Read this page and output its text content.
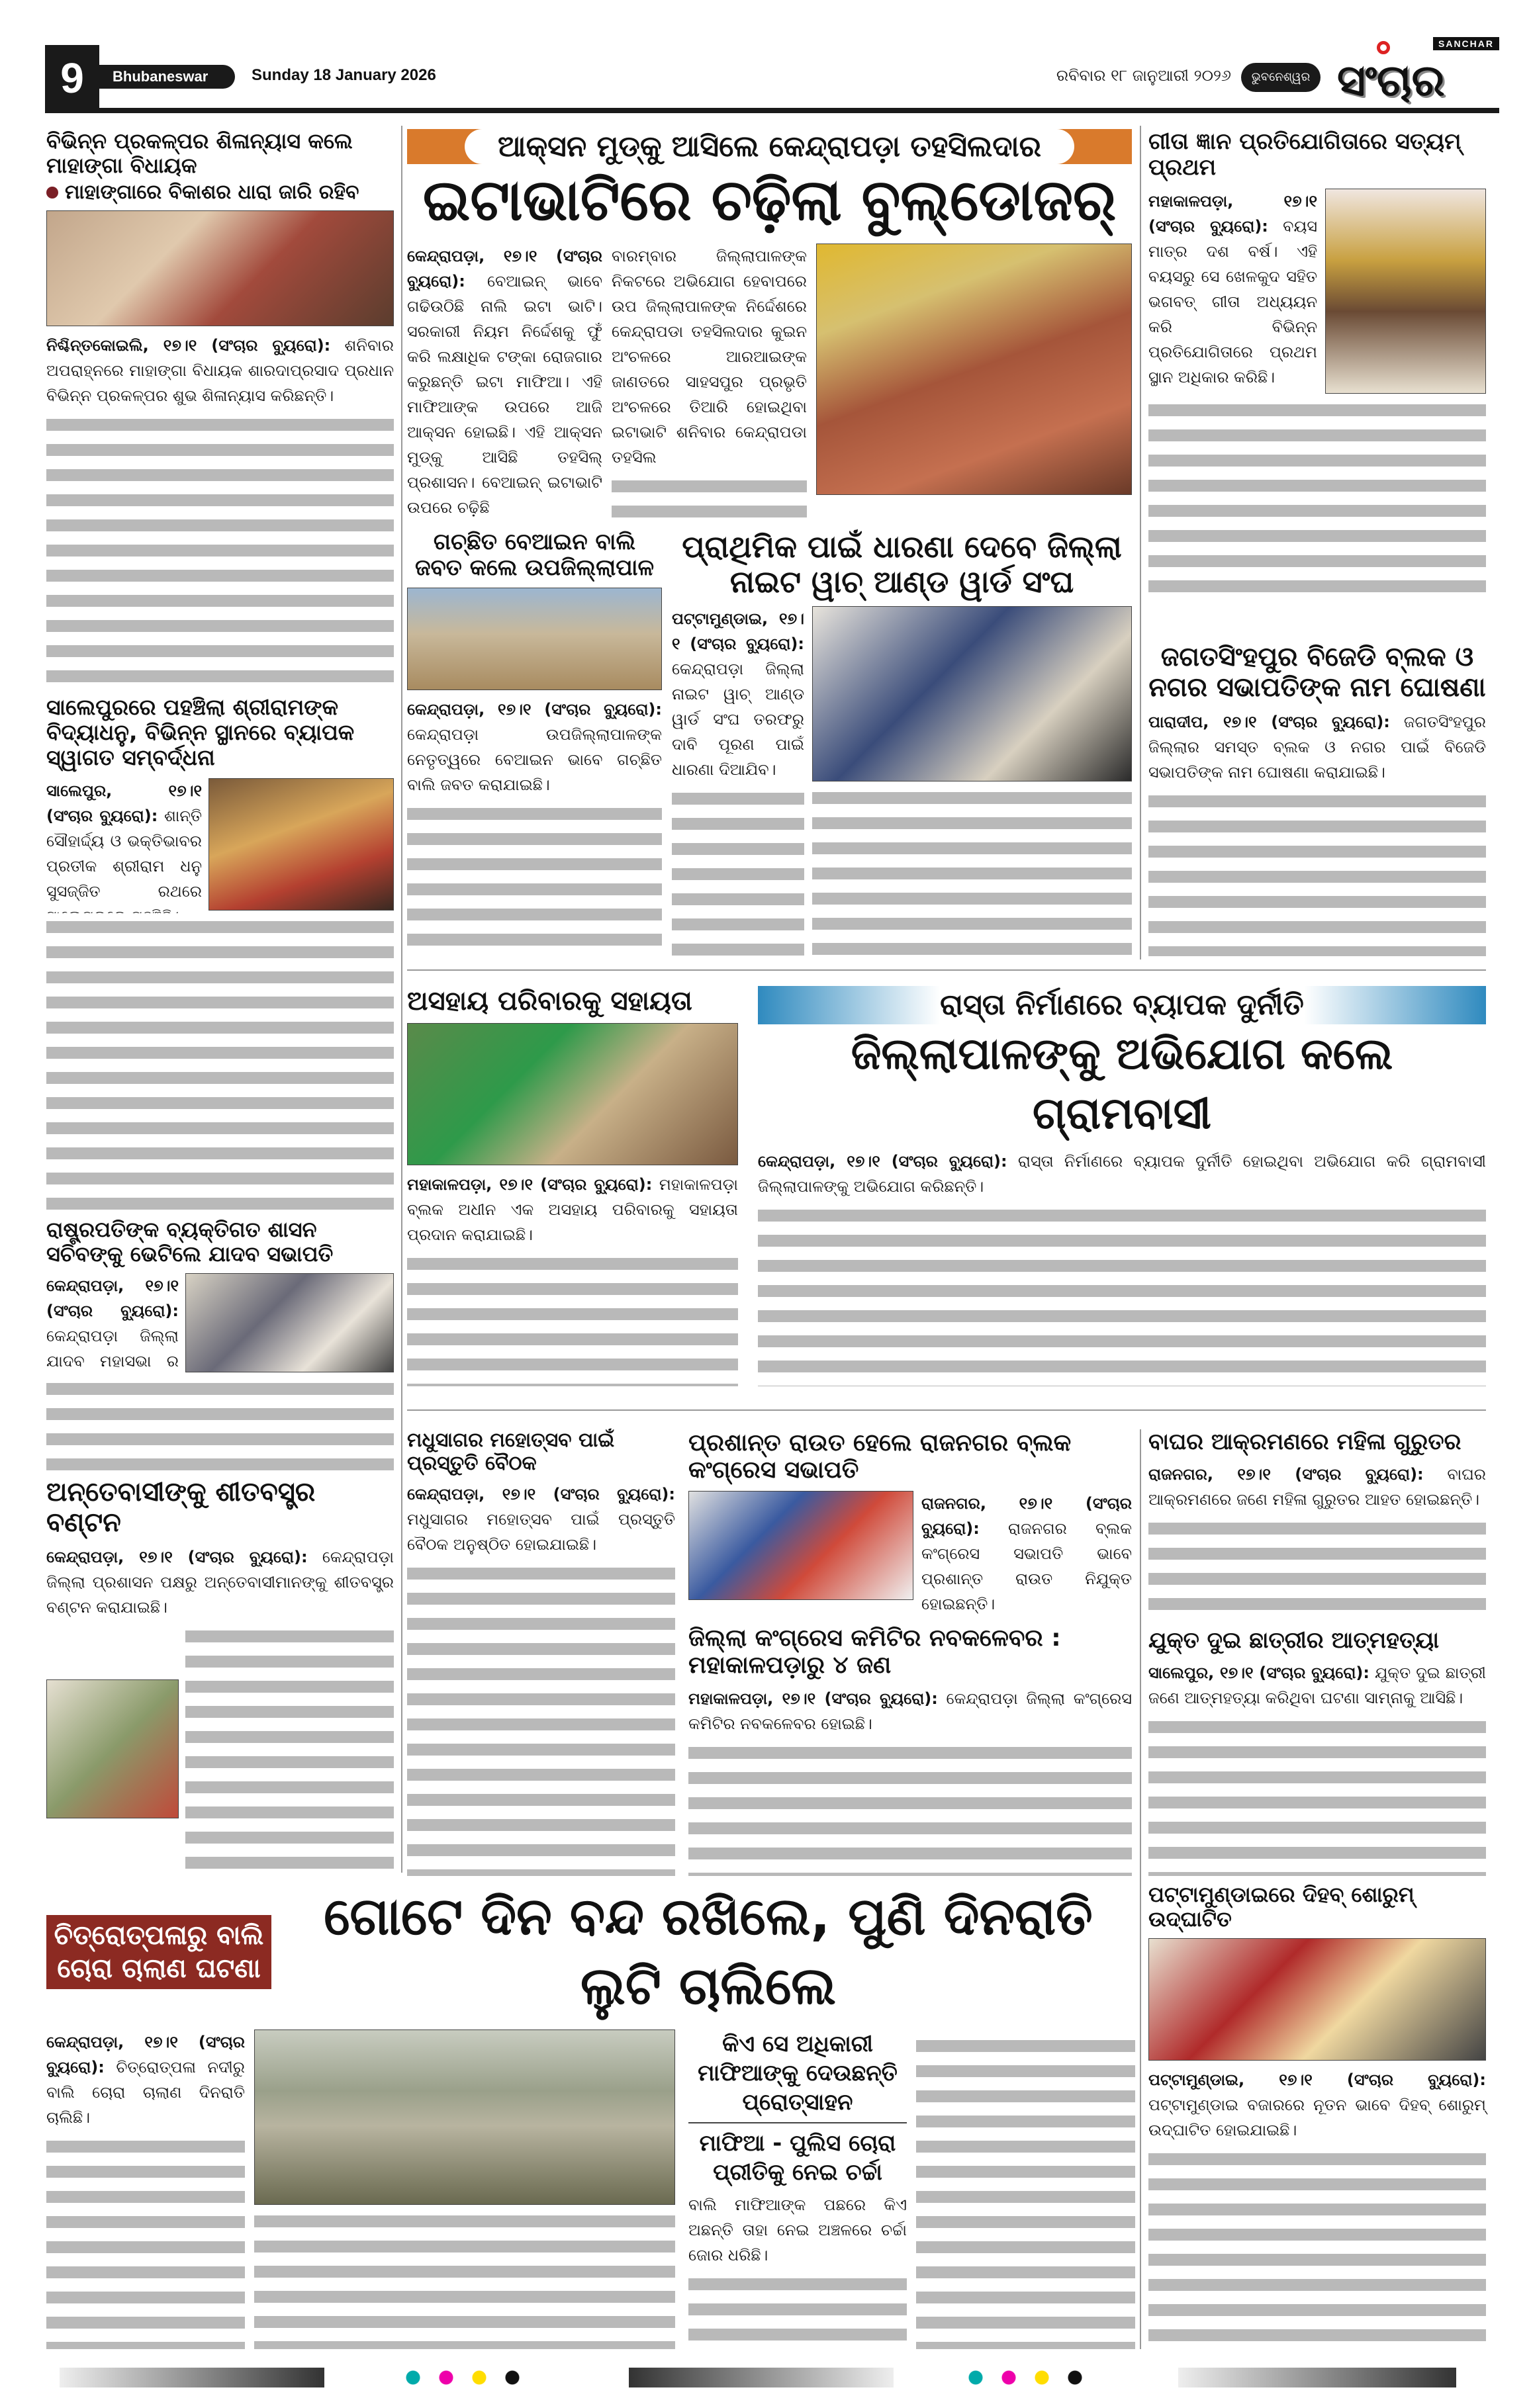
9	Bhubaneswar	Sunday 18 January 2026	ରବିବାର ୧୮ ଜାନୁଆରୀ ୨୦୨୬	ଭୁବନେଶ୍ୱର
SANCHAR
ସଂଚାର
ବିଭିନ୍ନ ପ୍ରକଳ୍ପର ଶିଳାନ୍ୟାସ କଲେ ମାହାଙ୍ଗା ବିଧାୟକ
ମାହାଙ୍ଗାରେ ବିକାଶର ଧାରା ଜାରି ରହିବ
ନିଶ୍ଚିନ୍ତକୋଇଲି, ୧୭।୧ (ସଂଚାର ବ୍ୟୁରୋ): ଶନିବାର ଅପରାହ୍ନରେ ମାହାଙ୍ଗା ବିଧାୟକ ଶାରଦାପ୍ରସାଦ ପ୍ରଧାନ ବିଭିନ୍ନ ପ୍ରକଳ୍ପର ଶୁଭ ଶିଳାନ୍ୟାସ କରିଛନ୍ତି।
ସାଲେପୁରରେ ପହଞ୍ଚିଲା ଶ୍ରୀରାମଙ୍କ ବିଦ୍ୟାଧନୁ, ବିଭିନ୍ନ ସ୍ଥାନରେ ବ୍ୟାପକ ସ୍ୱାଗତ ସମ୍ବର୍ଦ୍ଧନା
ସାଲେପୁର, ୧୭।୧ (ସଂଚାର ବ୍ୟୁରୋ): ଶାନ୍ତି ସୌହାର୍ଦ୍ଦ୍ୟ ଓ ଭକ୍ତିଭାବର ପ୍ରତୀକ ଶ୍ରୀରାମ ଧନୁ ସୁସଜ୍ଜିତ ରଥରେ
ରାଷ୍ଟ୍ରପତିଙ୍କ ବ୍ୟକ୍ତିଗତ ଶାସନ ସଚିବଙ୍କୁ ଭେଟିଲେ ଯାଦବ ସଭାପତି
କେନ୍ଦ୍ରାପଡ଼ା, ୧୭।୧ (ସଂଚାର ବ୍ୟୁରୋ): କେନ୍ଦ୍ରାପଡ଼ା ଜିଲ୍ଲା ଯାଦବ ମହାସଭା ର
ଅନ୍ତେବାସୀଙ୍କୁ ଶୀତବସ୍ତ୍ର ବଣ୍ଟନ
କେନ୍ଦ୍ରାପଡ଼ା, ୧୭।୧ (ସଂଚାର ବ୍ୟୁରୋ): କେନ୍ଦ୍ରାପଡ଼ା ଜିଲ୍ଲା ପ୍ରଶାସନ ପକ୍ଷରୁ ଅନ୍ତେବାସୀମାନଙ୍କୁ ଶୀତବସ୍ତ୍ର ବଣ୍ଟନ କରାଯାଇଛି।
ଆକ୍ସନ ମୁଡ୍‌କୁ ଆସିଲେ କେନ୍ଦ୍ରାପଡ଼ା ତହସିଲଦାର
ଇଟାଭାଟିରେ ଚଢ଼ିଲା ବୁଲ୍‌ଡୋଜର୍
କେନ୍ଦ୍ରାପଡ଼ା, ୧୭।୧ (ସଂଚାର ବ୍ୟୁରୋ): ବେଆଇନ୍ ଭାବେ ଗଢିଉଠିଛି ନାଲି ଇଟା ଭାଟି। ସରକାରୀ ନିୟମ ନିର୍ଦ୍ଦେଶକୁ ଫୁଁ କରି ଲକ୍ଷାଧିକ ଟଙ୍କା ରୋଜଗାର କରୁଛନ୍ତି ଇଟା ମାଫିଆ। ଏହି ମାଫିଆଙ୍କ ଉପରେ ଆଜି ଆକ୍ସନ ହୋଇଛି। ଏହି ଆକ୍ସନ ମୁଡ୍‌କୁ ଆସିଛି ତହସିଲ୍ ପ୍ରଶାସନ। ବେଆଇନ୍ ଇଟାଭାଟି ଉପରେ ଚଢ଼ିଛି
ବାରମ୍ବାର ଜିଲ୍ଲାପାଳଙ୍କ ନିକଟରେ ଅଭିଯୋଗ ହେବାପରେ ଉପ ଜିଲ୍ଲାପାଳଙ୍କ ନିର୍ଦ୍ଦେଶରେ କେନ୍ଦ୍ରାପଡା ତହସିଲଦାର କୁଇନ ଅଂଚଳରେ ଆରଆଇଙ୍କ ଜାଣତରେ ସାହସପୁର ପ୍ରଭୃତି ଅଂଚଳରେ ତିଆରି ହୋଇଥିବା ଇଟାଭାଟି ଶନିବାର କେନ୍ଦ୍ରାପଡା ତହସିଲ
ଗଚ୍ଛିତ ବେଆଇନ ବାଲି ଜବତ କଲେ ଉପଜିଲ୍ଲାପାଳ
କେନ୍ଦ୍ରାପଡ଼ା, ୧୭।୧ (ସଂଚାର ବ୍ୟୁରୋ): କେନ୍ଦ୍ରାପଡ଼ା ଉପଜିଲ୍ଲାପାଳଙ୍କ ନେତୃତ୍ୱରେ ବେଆଇନ ଭାବେ ଗଚ୍ଛିତ ବାଲି ଜବତ କରାଯାଇଛି।
ପ୍ରାଥିମିକ ପାଇଁ ଧାରଣା ଦେବେ ଜିଲ୍ଲା ନାଇଟ ୱାଚ୍ ଆଣ୍ଡ ୱାର୍ଡ ସଂଘ
ପଟ୍ଟାମୁଣ୍ଡାଇ, ୧୭।୧ (ସଂଚାର ବ୍ୟୁରୋ): କେନ୍ଦ୍ରାପଡ଼ା ଜିଲ୍ଲା ନାଇଟ ୱାଚ୍ ଆଣ୍ଡ ୱାର୍ଡ ସଂଘ ତରଫରୁ ଦାବି ପୂରଣ ପାଇଁ ଧାରଣା ଦିଆଯିବ।
ଗୀତା ଜ୍ଞାନ ପ୍ରତିଯୋଗିତାରେ ସତ୍ୟମ୍ ପ୍ରଥମ
ମହାକାଳପଡ଼ା, ୧୭।୧ (ସଂଚାର ବ୍ୟୁରୋ): ବୟସ ମାତ୍ର ଦଶ ବର୍ଷ। ଏହି ବୟସରୁ ସେ ଖେଳକୁଦ ସହିତ ଭଗବତ୍ ଗୀତା ଅଧ୍ୟୟନ କରି ବିଭିନ୍ନ ପ୍ରତିଯୋଗିତାରେ ପ୍ରଥମ ସ୍ଥାନ ଅଧିକାର କରିଛି।
ଜଗତସିଂହପୁର ବିଜେଡି ବ୍ଲକ ଓ ନଗର ସଭାପତିଙ୍କ ନାମ ଘୋଷଣା
ପାରାଦୀପ, ୧୭।୧ (ସଂଚାର ବ୍ୟୁରୋ): ଜଗତସିଂହପୁର ଜିଲ୍ଲାର ସମସ୍ତ ବ୍ଲକ ଓ ନଗର ପାଇଁ ବିଜେଡି ସଭାପତିଙ୍କ ନାମ ଘୋଷଣା କରାଯାଇଛି।
ଅସହାୟ ପରିବାରକୁ ସହାୟତା
ମହାକାଳପଡ଼ା, ୧୭।୧ (ସଂଚାର ବ୍ୟୁରୋ): ମହାକାଳପଡ଼ା ବ୍ଲକ ଅଧୀନ ଏକ ଅସହାୟ ପରିବାରକୁ ସହାୟତା ପ୍ରଦାନ କରାଯାଇଛି।
ରାସ୍ତା ନିର୍ମାଣରେ ବ୍ୟାପକ ଦୁର୍ନୀତି
ଜିଲ୍ଲାପାଳଙ୍କୁ ଅଭିଯୋଗ କଲେ ଗ୍ରାମବାସୀ
କେନ୍ଦ୍ରାପଡ଼ା, ୧୭।୧ (ସଂଚାର ବ୍ୟୁରୋ): ରାସ୍ତା ନିର୍ମାଣରେ ବ୍ୟାପକ ଦୁର୍ନୀତି ହୋଇଥିବା ଅଭିଯୋଗ କରି ଗ୍ରାମବାସୀ ଜିଲ୍ଲାପାଳଙ୍କୁ ଅଭିଯୋଗ କରିଛନ୍ତି।
ମଧୁସାଗର ମହୋତ୍ସବ ପାଇଁ ପ୍ରସ୍ତୁତି ବୈଠକ
କେନ୍ଦ୍ରାପଡ଼ା, ୧୭।୧ (ସଂଚାର ବ୍ୟୁରୋ): ମଧୁସାଗର ମହୋତ୍ସବ ପାଇଁ ପ୍ରସ୍ତୁତି ବୈଠକ ଅନୁଷ୍ଠିତ ହୋଇଯାଇଛି।
ପ୍ରଶାନ୍ତ ରାଉତ ହେଲେ ରାଜନଗର ବ୍ଲକ କଂଗ୍ରେସ ସଭାପତି
ରାଜନଗର, ୧୭।୧ (ସଂଚାର ବ୍ୟୁରୋ): ରାଜନଗର ବ୍ଲକ କଂଗ୍ରେସ ସଭାପତି ଭାବେ ପ୍ରଶାନ୍ତ ରାଉତ ନିଯୁକ୍ତ ହୋଇଛନ୍ତି।
ଜିଲ୍ଲା କଂଗ୍ରେସ କମିଟିର ନବକଳେବର : ମହାକାଳପଡ଼ାରୁ ୪ ଜଣ
ମହାକାଳପଡ଼ା, ୧୭।୧ (ସଂଚାର ବ୍ୟୁରୋ): କେନ୍ଦ୍ରାପଡ଼ା ଜିଲ୍ଲା କଂଗ୍ରେସ କମିଟିର ନବକଳେବର ହୋଇଛି।
ବାଘର ଆକ୍ରମଣରେ ମହିଳା ଗୁରୁତର
ରାଜନଗର, ୧୭।୧ (ସଂଚାର ବ୍ୟୁରୋ): ବାଘର ଆକ୍ରମଣରେ ଜଣେ ମହିଳା ଗୁରୁତର ଆହତ ହୋଇଛନ୍ତି।
ଯୁକ୍ତ ଦୁଇ ଛାତ୍ରୀର ଆତ୍ମହତ୍ୟା
ସାଲେପୁର, ୧୭।୧ (ସଂଚାର ବ୍ୟୁରୋ): ଯୁକ୍ତ ଦୁଇ ଛାତ୍ରୀ ଜଣେ ଆତ୍ମହତ୍ୟା କରିଥିବା ଘଟଣା ସାମ୍ନାକୁ ଆସିଛି।
ଚିତ୍ରୋତ୍ପଳାରୁ ବାଲି ଚୋରା ଚାଲାଣ ଘଟଣା
ଗୋଟେ ଦିନ ବନ୍ଦ ରଖିଲେ, ପୁଣି ଦିନରାତି ଲୁଟି ଚାଲିଲେ
କେନ୍ଦ୍ରାପଡ଼ା, ୧୭।୧ (ସଂଚାର ବ୍ୟୁରୋ): ଚିତ୍ରୋତ୍ପଳା ନଦୀରୁ ବାଲି ଚୋରା ଚାଲାଣ ଦିନରାତି ଚାଲିଛି।
କିଏ ସେ ଅଧିକାରୀ ମାଫିଆଙ୍କୁ ଦେଉଛନ୍ତି ପ୍ରୋତ୍ସାହନ
ମାଫିଆ - ପୁଲିସ ଚୋରା ପ୍ରୀତିକୁ ନେଇ ଚର୍ଚ୍ଚା
ବାଲି ମାଫିଆଙ୍କ ପଛରେ କିଏ ଅଛନ୍ତି ତାହା ନେଇ ଅଞ୍ଚଳରେ ଚର୍ଚ୍ଚା ଜୋର ଧରିଛି।
ପଟ୍ଟାମୁଣ୍ଡାଇରେ ଦିହବ୍ ଶୋରୁମ୍ ଉଦ୍‌ଘାଟିତ
ପଟ୍ଟାମୁଣ୍ଡାଇ, ୧୭।୧ (ସଂଚାର ବ୍ୟୁରୋ): ପଟ୍ଟାମୁଣ୍ଡାଇ ବଜାରରେ ନୂତନ ଭାବେ ଦିହବ୍ ଶୋରୁମ୍ ଉଦ୍‌ଘାଟିତ ହୋଇଯାଇଛି।
